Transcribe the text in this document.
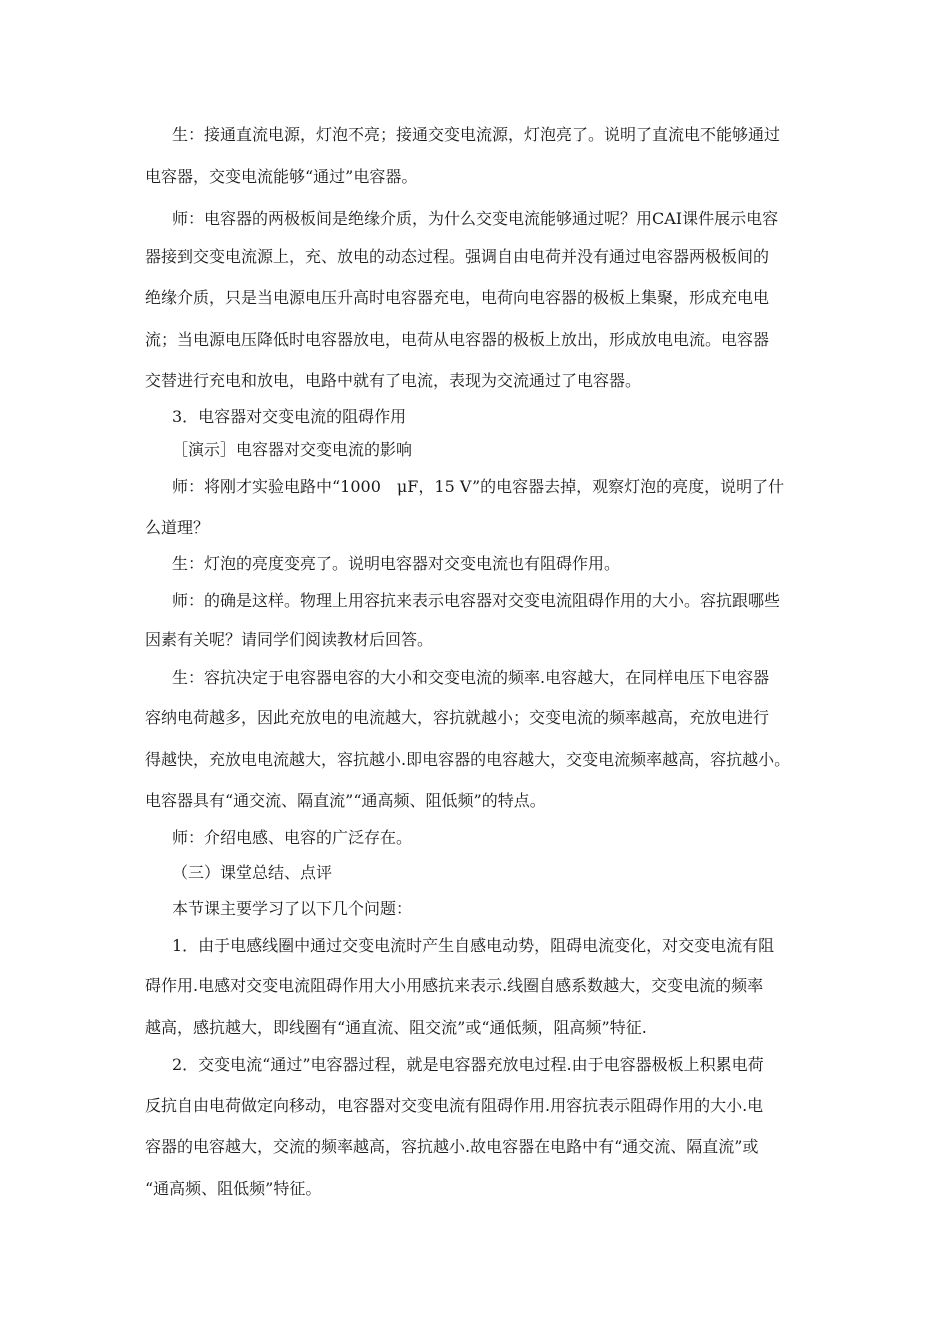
生：接通直流电源，灯泡不亮；接通交变电流源，灯泡亮了。说明了直流电不能够通过
电容器，交变电流能够“通过”电容器。
师：电容器的两极板间是绝缘介质，为什么交变电流能够通过呢？用CAI课件展示电容
器接到交变电流源上，充、放电的动态过程。强调自由电荷并没有通过电容器两极板间的
绝缘介质，只是当电源电压升高时电容器充电，电荷向电容器的极板上集聚，形成充电电
流；当电源电压降低时电容器放电，电荷从电容器的极板上放出，形成放电电流。电容器
交替进行充电和放电，电路中就有了电流，表现为交流通过了电容器。
3．电容器对交变电流的阻碍作用
［演示］电容器对交变电流的影响
师：将刚才实验电路中“1000　μF，15 V”的电容器去掉，观察灯泡的亮度，说明了什
么道理？
生：灯泡的亮度变亮了。说明电容器对交变电流也有阻碍作用。
师：的确是这样。物理上用容抗来表示电容器对交变电流阻碍作用的大小。容抗跟哪些
因素有关呢？请同学们阅读教材后回答。
生：容抗决定于电容器电容的大小和交变电流的频率.电容越大，在同样电压下电容器
容纳电荷越多，因此充放电的电流越大，容抗就越小；交变电流的频率越高，充放电进行
得越快，充放电电流越大，容抗越小.即电容器的电容越大，交变电流频率越高，容抗越小。
电容器具有“通交流、隔直流”“通高频、阻低频”的特点。
师：介绍电感、电容的广泛存在。
（三）课堂总结、点评
本节课主要学习了以下几个问题：
1．由于电感线圈中通过交变电流时产生自感电动势，阻碍电流变化，对交变电流有阻
碍作用.电感对交变电流阻碍作用大小用感抗来表示.线圈自感系数越大，交变电流的频率
越高，感抗越大，即线圈有“通直流、阻交流”或“通低频，阻高频”特征.
2．交变电流“通过”电容器过程，就是电容器充放电过程.由于电容器极板上积累电荷
反抗自由电荷做定向移动，电容器对交变电流有阻碍作用.用容抗表示阻碍作用的大小.电
容器的电容越大，交流的频率越高，容抗越小.故电容器在电路中有“通交流、隔直流”或
“通高频、阻低频”特征。
